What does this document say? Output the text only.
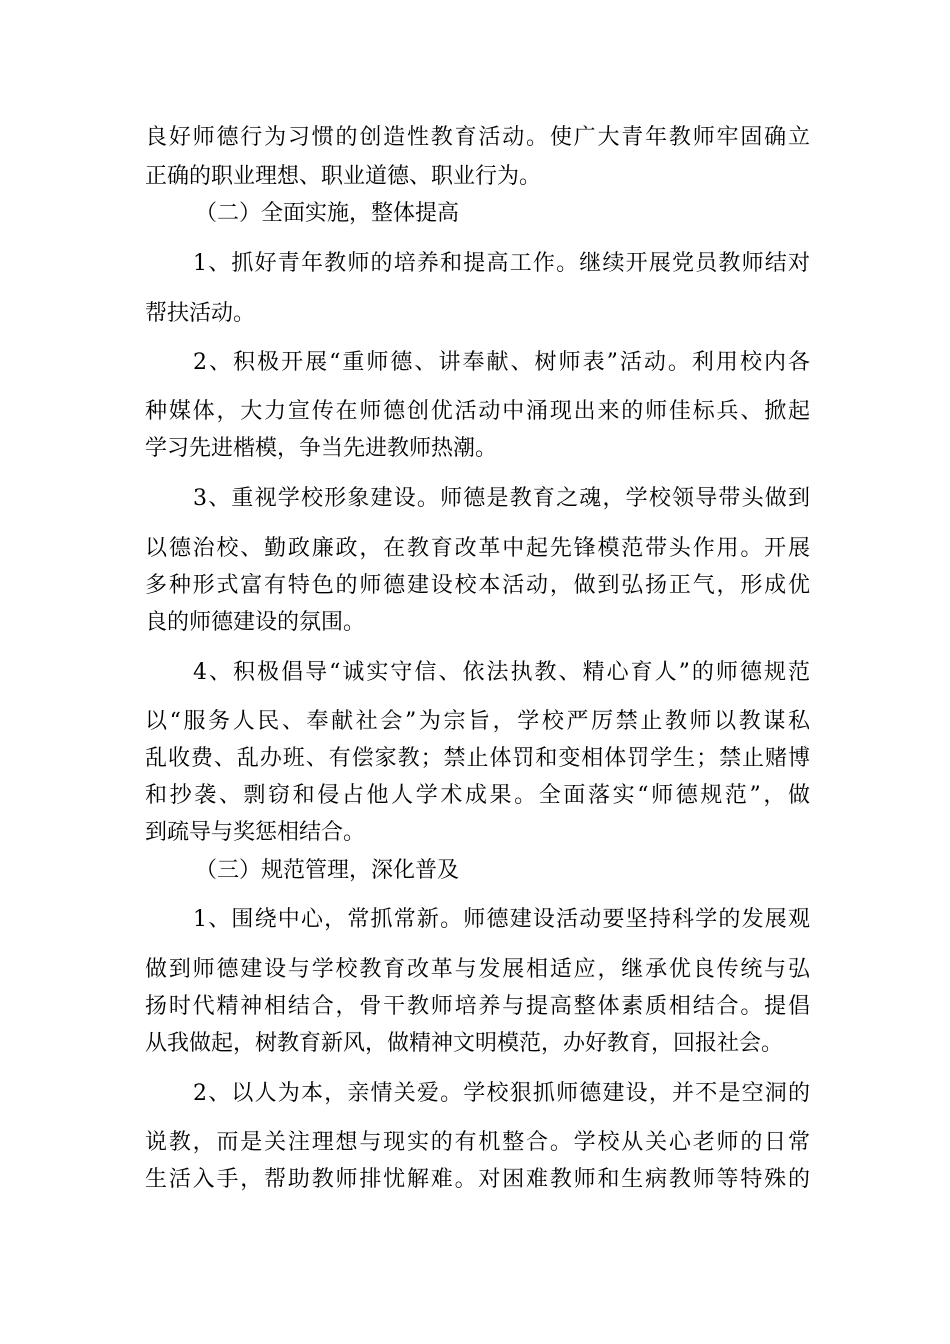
良好师德行为习惯的创造性教育活动。使广大青年教师牢固确立
正确的职业理想、职业道德、职业行为。
（二）全面实施，整体提高
1、抓好青年教师的培养和提高工作。继续开展党员教师结对
帮扶活动。
2、积极开展“重师德、讲奉献、树师表”活动。利用校内各
种媒体，大力宣传在师德创优活动中涌现出来的师佳标兵、掀起
学习先进楷模，争当先进教师热潮。
3、重视学校形象建设。师德是教育之魂，学校领导带头做到
以德治校、勤政廉政，在教育改革中起先锋模范带头作用。开展
多种形式富有特色的师德建设校本活动，做到弘扬正气，形成优
良的师德建设的氛围。
4、积极倡导“诚实守信、依法执教、精心育人”的师德规范
以“服务人民、奉献社会”为宗旨，学校严厉禁止教师以教谋私
乱收费、乱办班、有偿家教；禁止体罚和变相体罚学生；禁止赌博
和抄袭、剽窃和侵占他人学术成果。全面落实“师德规范”，做
到疏导与奖惩相结合。
（三）规范管理，深化普及
1、围绕中心，常抓常新。师德建设活动要坚持科学的发展观
做到师德建设与学校教育改革与发展相适应，继承优良传统与弘
扬时代精神相结合，骨干教师培养与提高整体素质相结合。提倡
从我做起，树教育新风，做精神文明模范，办好教育，回报社会。
2、以人为本，亲情关爱。学校狠抓师德建设，并不是空洞的
说教，而是关注理想与现实的有机整合。学校从关心老师的日常
生活入手，帮助教师排忧解难。对困难教师和生病教师等特殊的
